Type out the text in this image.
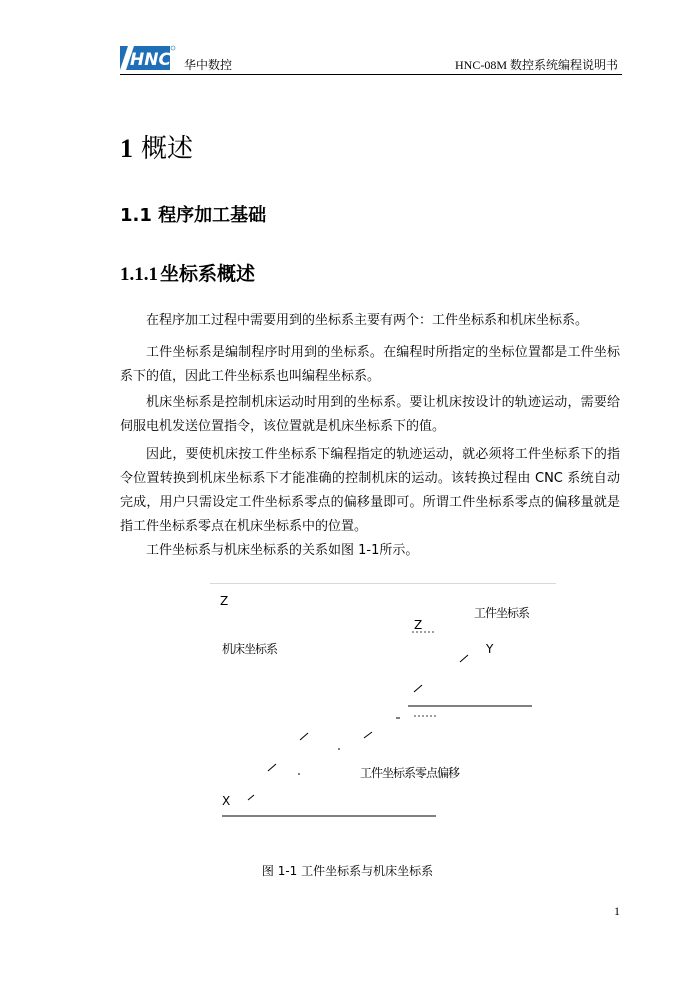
HNC 华中数控	HNC-08M 数控系统编程说明书
1 概述
1.1 程序加工基础
1.1.1 坐标系概述

在程序加工过程中需要用到的坐标系主要有两个：工件坐标系和机床坐标系。

工件坐标系是编制程序时用到的坐标系。在编程时所指定的坐标位置都是工件坐标系下的值，因此工件坐标系也叫编程坐标系。

机床坐标系是控制机床运动时用到的坐标系。要让机床按设计的轨迹运动，需要给伺服电机发送位置指令，该位置就是机床坐标系下的值。

因此，要使机床按工件坐标系下编程指定的轨迹运动，就必须将工件坐标系下的指令位置转换到机床坐标系下才能准确的控制机床的运动。该转换过程由 CNC 系统自动完成，用户只需设定工件坐标系零点的偏移量即可。所谓工件坐标系零点的偏移量就是指工件坐标系零点在机床坐标系中的位置。

工件坐标系与机床坐标系的关系如图 1-1所示。

Z
机床坐标系
工件坐标系
Z
Y
工件坐标系零点偏移
X
图 1-1 工件坐标系与机床坐标系
1
